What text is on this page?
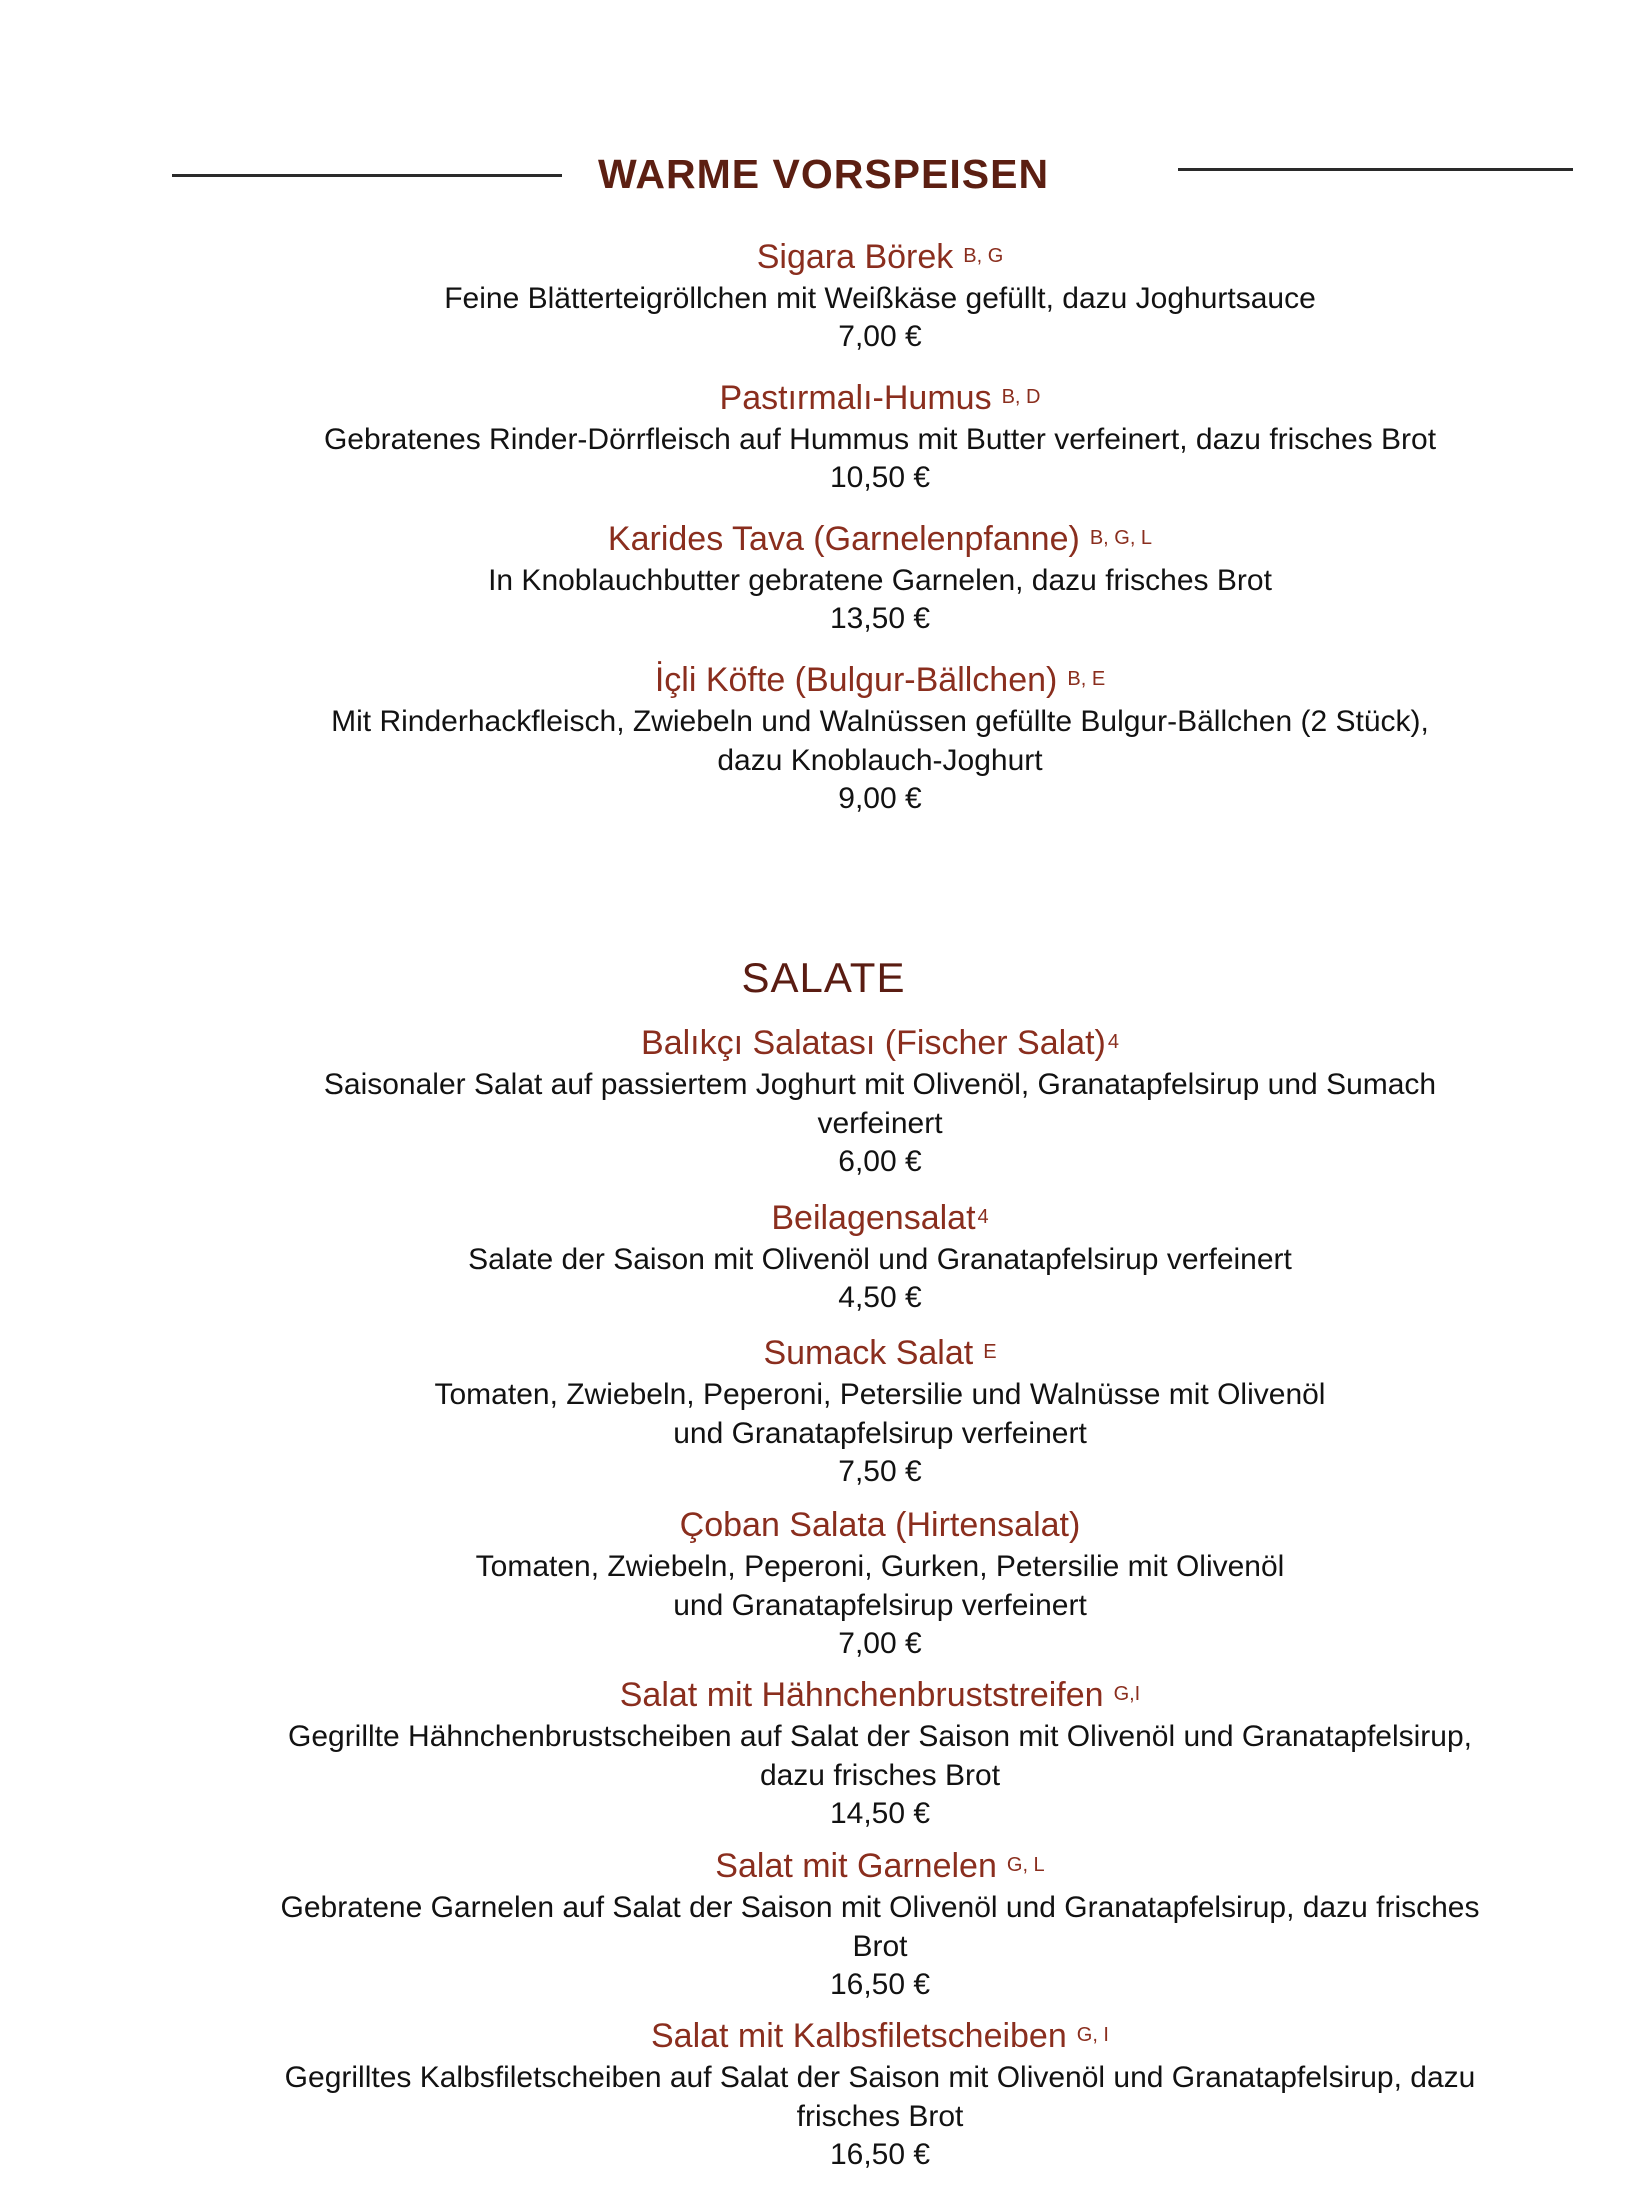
WARME VORSPEISEN
Sigara Börek B, G
Feine Blätterteigröllchen mit Weißkäse gefüllt, dazu Joghurtsauce
7,00 €
Pastırmalı-Humus B, D
Gebratenes Rinder-Dörrfleisch auf Hummus mit Butter verfeinert, dazu frisches Brot
10,50 €
Karides Tava (Garnelenpfanne) B, G, L
In Knoblauchbutter gebratene Garnelen, dazu frisches Brot
13,50 €
İçli Köfte (Bulgur-Bällchen) B, E
Mit Rinderhackfleisch, Zwiebeln und Walnüssen gefüllte Bulgur-Bällchen (2 Stück),
dazu Knoblauch-Joghurt
9,00 €
SALATE
Balıkçı Salatası (Fischer Salat) 4
Saisonaler Salat auf passiertem Joghurt mit Olivenöl, Granatapfelsirup und Sumach
verfeinert
6,00 €
Beilagensalat 4
Salate der Saison mit Olivenöl und Granatapfelsirup verfeinert
4,50 €
Sumack Salat E
Tomaten, Zwiebeln, Peperoni, Petersilie und Walnüsse mit Olivenöl
und Granatapfelsirup verfeinert
7,50 €
Çoban Salata (Hirtensalat)
Tomaten, Zwiebeln, Peperoni, Gurken, Petersilie mit Olivenöl
und Granatapfelsirup verfeinert
7,00 €
Salat mit Hähnchenbruststreifen G,I
Gegrillte Hähnchenbrustscheiben auf Salat der Saison mit Olivenöl und Granatapfelsirup,
dazu frisches Brot
14,50 €
Salat mit Garnelen G, L
Gebratene Garnelen auf Salat der Saison mit Olivenöl und Granatapfelsirup, dazu frisches
Brot
16,50 €
Salat mit Kalbsfiletscheiben G, I
Gegrilltes Kalbsfiletscheiben auf Salat der Saison mit Olivenöl und Granatapfelsirup, dazu
frisches Brot
16,50 €
